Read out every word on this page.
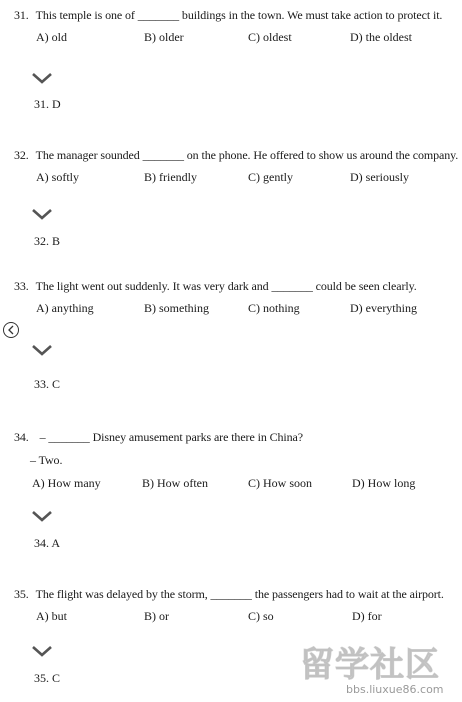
31. This temple is one of _______ buildings in the town. We must take action to protect it.
A) old	B) older	C) oldest	D) the oldest
31. D
32. The manager sounded _______ on the phone. He offered to show us around the company.
A) softly	B) friendly	C) gently	D) seriously
32. B
33. The light went out suddenly. It was very dark and _______ could be seen clearly.
A) anything	B) something	C) nothing	D) everything
33. C
34. – _______ Disney amusement parks are there in China?
– Two.
A) How many	B) How often	C) How soon	D) How long
34. A
35. The flight was delayed by the storm, _______ the passengers had to wait at the airport.
A) but	B) or	C) so	D) for
35. C	留学社区
bbs.liuxue86.com
